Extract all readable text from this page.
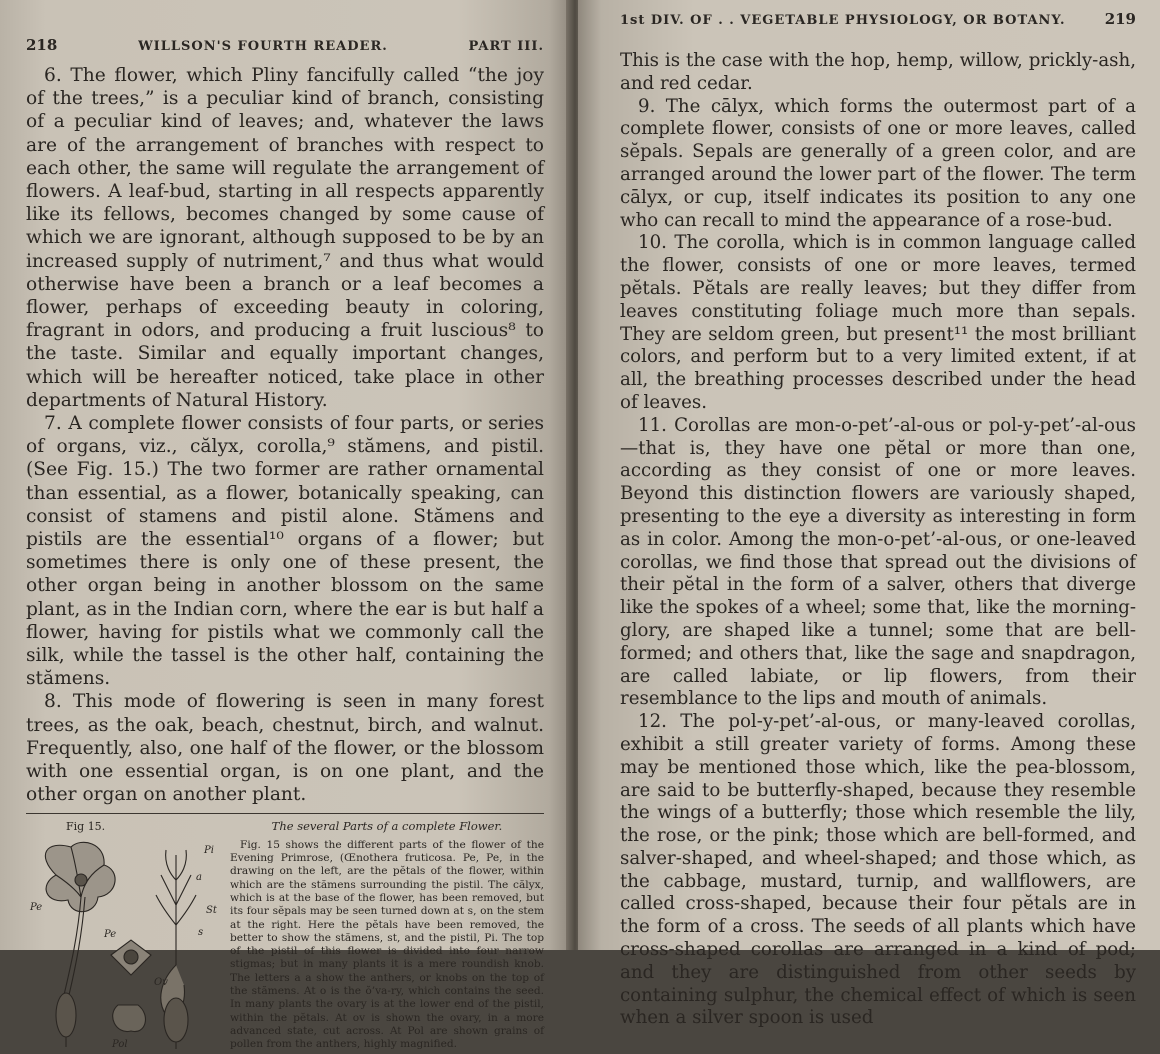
218	WILLSON'S FOURTH READER.	PART III.

6. The flower, which Pliny fancifully called “the joy of the trees,” is a peculiar kind of branch, consisting of a peculiar kind of leaves; and, whatever the laws are of the arrangement of branches with respect to each other, the same will regulate the arrangement of flowers. A leaf-bud, starting in all respects apparently like its fellows, becomes changed by some cause of which we are ignorant, although supposed to be by an increased supply of nutriment,⁷ and thus what would otherwise have been a branch or a leaf becomes a flower, perhaps of exceeding beauty in coloring, fragrant in odors, and producing a fruit luscious⁸ to the taste. Similar and equally important changes, which will be hereafter noticed, take place in other departments of Natural History.

7. A complete flower consists of four parts, or series of organs, viz., călyx, corolla,⁹ stămens, and pistil. (See Fig. 15.) The two former are rather ornamental than essential, as a flower, botanically speaking, can consist of stamens and pistil alone. Stămens and pistils are the essential¹⁰ organs of a flower; but sometimes there is only one of these present, the other organ being in another blossom on the same plant, as in the Indian corn, where the ear is but half a flower, having for pistils what we commonly call the silk, while the tassel is the other half, containing the stămens.

8. This mode of flowering is seen in many forest trees, as the oak, beach, chestnut, birch, and walnut. Frequently, also, one half of the flower, or the blossom with one essential organ, is on one plant, and the other organ on another plant.

Fig 15.
Pe
Pe
Pi
St
a
s
Ov
Pol
The several Parts of a complete Flower.

Fig. 15 shows the different parts of the flower of the Evening Primrose, (Œnothera fruticosa. Pe, Pe, in the drawing on the left, are the pĕtals of the flower, within which are the stămens surrounding the pistil. The călyx, which is at the base of the flower, has been removed, but its four sĕpals may be seen turned down at s, on the stem at the right. Here the pĕtals have been removed, the better to show the stămens, st, and the pistil, Pi. The top of the pistil of this flower is divided into four narrow stigmas; but in many plants it is a mere roundish knob. The letters a a show the anthers, or knobs on the top of the stămens. At o is the ŏ’va-ry, which contains the seed. In many plants the ovary is at the lower end of the pistil, within the pĕtals. At ov is shown the ovary, in a more advanced state, cut across. At Pol are shown grains of pollen from the anthers, highly magnified.

1st DIV. OF . . VEGETABLE PHYSIOLOGY, OR BOTANY.	219

This is the case with the hop, hemp, willow, prickly-ash, and red cedar.

9. The cālyx, which forms the outermost part of a complete flower, consists of one or more leaves, called sĕpals. Sepals are generally of a green color, and are arranged around the lower part of the flower. The term cālyx, or cup, itself indicates its position to any one who can recall to mind the appearance of a rose-bud.

10. The corolla, which is in common language called the flower, consists of one or more leaves, termed pĕtals. Pĕtals are really leaves; but they differ from leaves constituting foliage much more than sepals. They are seldom green, but present¹¹ the most brilliant colors, and perform but to a very limited extent, if at all, the breathing processes described under the head of leaves.

11. Corollas are mon-o-pet’-al-ous or pol-y-pet’-al-ous—that is, they have one pĕtal or more than one, according as they consist of one or more leaves. Beyond this distinction flowers are variously shaped, presenting to the eye a diversity as interesting in form as in color. Among the mon-o-pet’-al-ous, or one-leaved corollas, we find those that spread out the divisions of their pĕtal in the form of a salver, others that diverge like the spokes of a wheel; some that, like the morning-glory, are shaped like a tunnel; some that are bell-formed; and others that, like the sage and snapdragon, are called labiate, or lip flowers, from their resemblance to the lips and mouth of animals.

12. The pol-y-pet’-al-ous, or many-leaved corollas, exhibit a still greater variety of forms. Among these may be mentioned those which, like the pea-blossom, are said to be butterfly-shaped, because they resemble the wings of a butterfly; those which resemble the lily, the rose, or the pink; those which are bell-formed, and salver-shaped, and wheel-shaped; and those which, as the cabbage, mustard, turnip, and wallflowers, are called cross-shaped, because their four pĕtals are in the form of a cross. The seeds of all plants which have cross-shaped corollas are arranged in a kind of pod; and they are distinguished from other seeds by containing sulphur, the chemical effect of which is seen when a silver spoon is used
